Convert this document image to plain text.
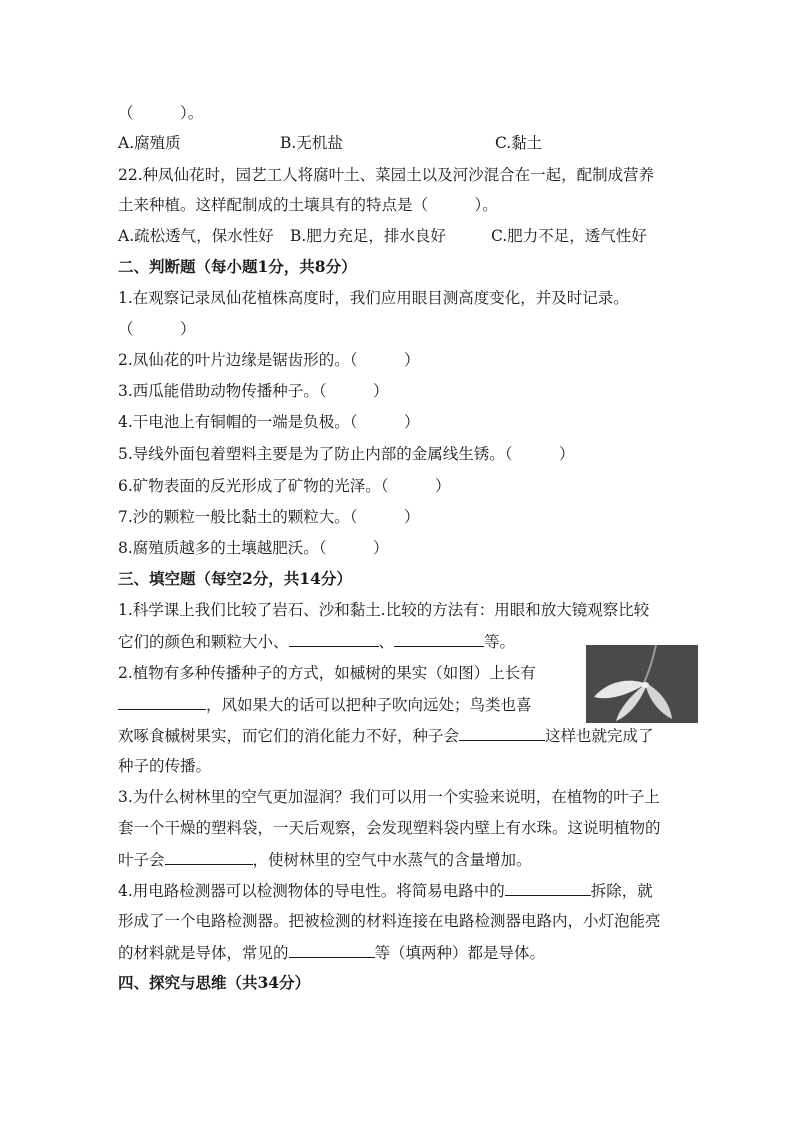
（　　　）。
A.腐殖质	B.无机盐	C.黏土
22.种凤仙花时，园艺工人将腐叶土、菜园土以及河沙混合在一起，配制成营养
土来种植。这样配制成的土壤具有的特点是（　　　）。
A.疏松透气，保水性好	B.肥力充足，排水良好	C.肥力不足，透气性好
二、判断题（每小题1分，共8分）
1.在观察记录凤仙花植株高度时，我们应用眼目测高度变化，并及时记录。
（　　　）
2.凤仙花的叶片边缘是锯齿形的。（　　　）
3.西瓜能借助动物传播种子。（　　　）
4.干电池上有铜帽的一端是负极。（　　　）
5.导线外面包着塑料主要是为了防止内部的金属线生锈。（　　　）
6.矿物表面的反光形成了矿物的光泽。（　　　）
7.沙的颗粒一般比黏土的颗粒大。（　　　）
8.腐殖质越多的土壤越肥沃。（　　　）
三、填空题（每空2分，共14分）
1.科学课上我们比较了岩石、沙和黏土.比较的方法有：用眼和放大镜观察比较
它们的颜色和颗粒大小、	、	等。
2.植物有多种传播种子的方式，如槭树的果实（如图）上长有
，风如果大的话可以把种子吹向远处；鸟类也喜
欢啄食槭树果实，而它们的消化能力不好，种子会	这样也就完成了
种子的传播。
3.为什么树林里的空气更加湿润？我们可以用一个实验来说明，在植物的叶子上
套一个干燥的塑料袋，一天后观察，会发现塑料袋内壁上有水珠。这说明植物的
叶子会	，使树林里的空气中水蒸气的含量增加。
4.用电路检测器可以检测物体的导电性。将简易电路中的	拆除，就
形成了一个电路检测器。把被检测的材料连接在电路检测器电路内，小灯泡能亮
的材料就是导体，常见的	等（填两种）都是导体。
四、探究与思维（共34分）
